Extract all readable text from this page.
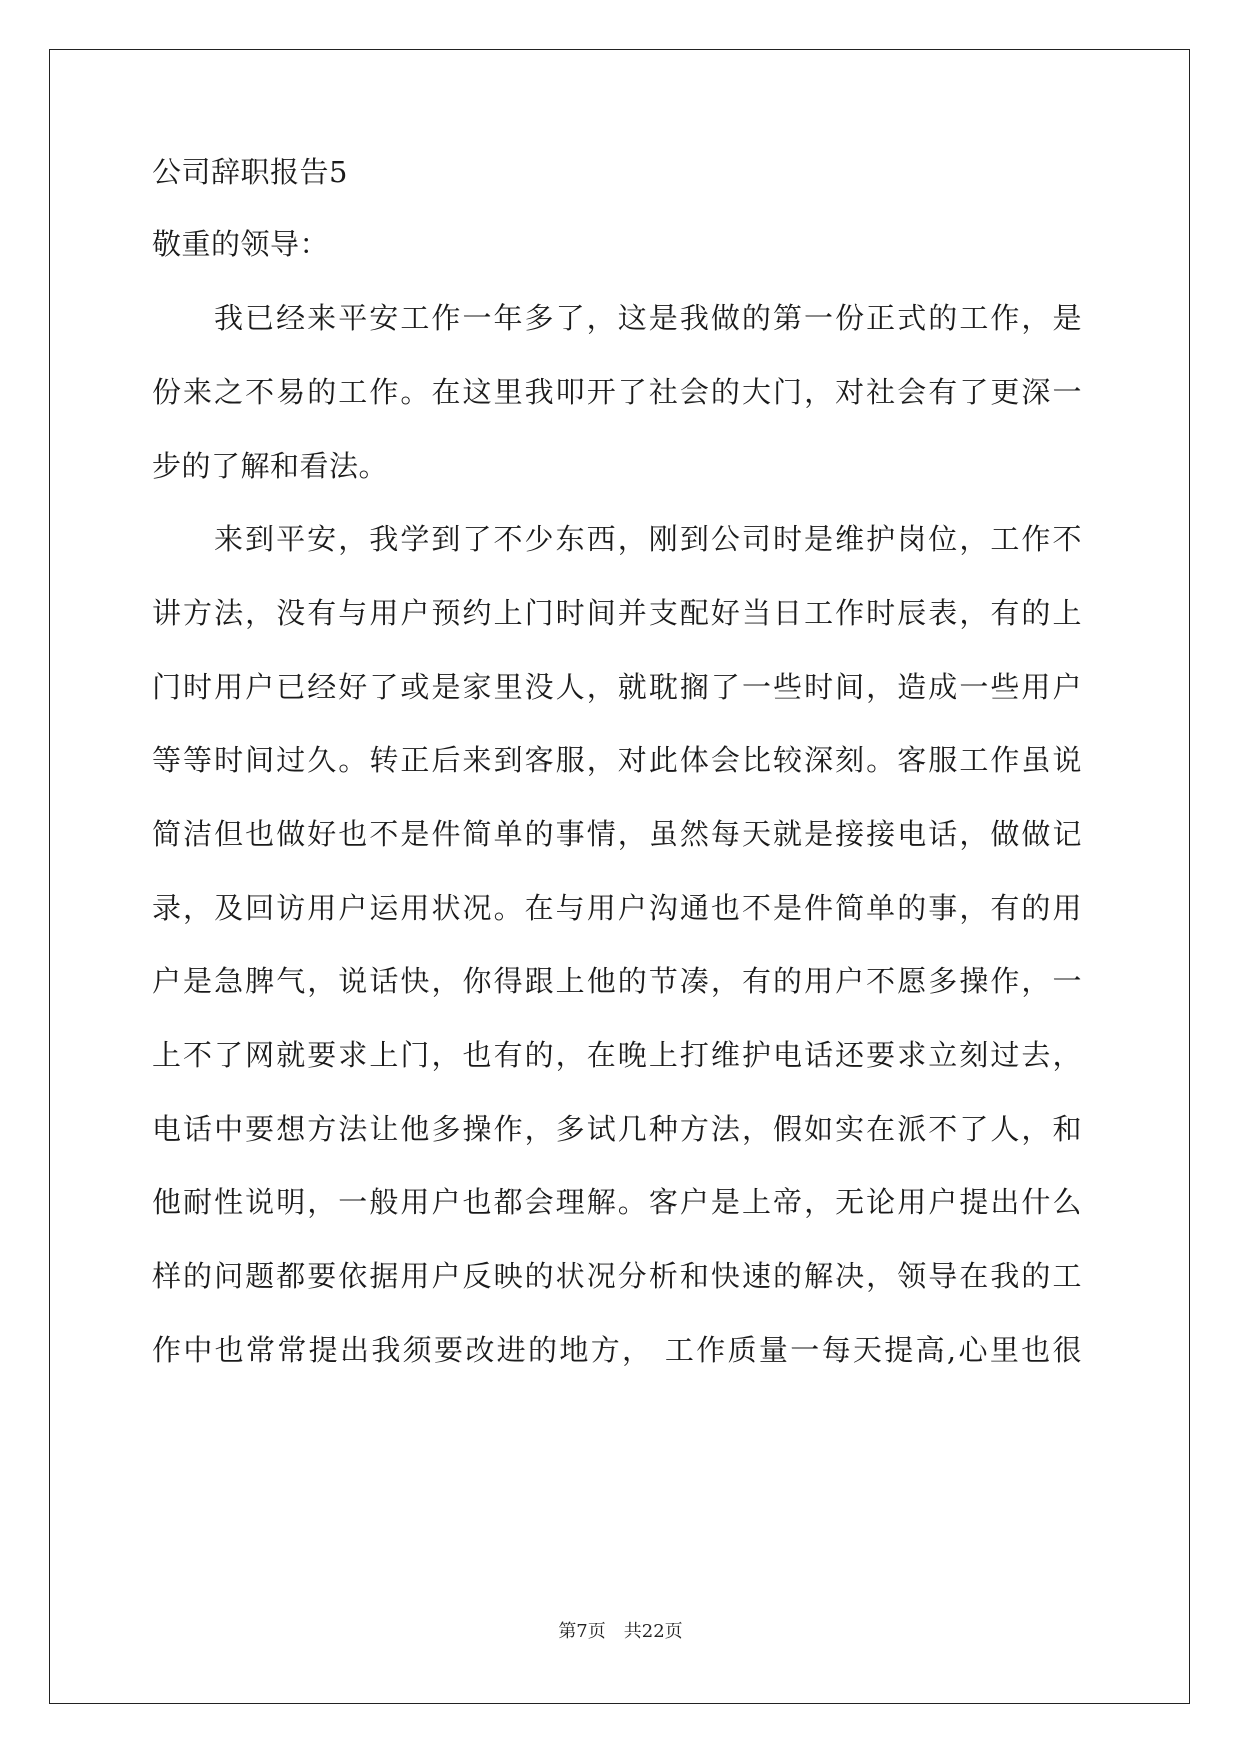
公司辞职报告5
敬重的领导：
我已经来平安工作一年多了，这是我做的第一份正式的工作，是
份来之不易的工作。在这里我叩开了社会的大门，对社会有了更深一
步的了解和看法。
来到平安，我学到了不少东西，刚到公司时是维护岗位，工作不
讲方法，没有与用户预约上门时间并支配好当日工作时辰表，有的上
门时用户已经好了或是家里没人，就耽搁了一些时间，造成一些用户
等等时间过久。转正后来到客服，对此体会比较深刻。客服工作虽说
简洁但也做好也不是件简单的事情，虽然每天就是接接电话，做做记
录，及回访用户运用状况。在与用户沟通也不是件简单的事，有的用
户是急脾气，说话快，你得跟上他的节凑，有的用户不愿多操作，一
上不了网就要求上门，也有的，在晚上打维护电话还要求立刻过去，
电话中要想方法让他多操作，多试几种方法，假如实在派不了人，和
他耐性说明，一般用户也都会理解。客户是上帝，无论用户提出什么
样的问题都要依据用户反映的状况分析和快速的解决，领导在我的工
作中也常常提出我须要改进的地方， 工作质量一每天提高,心里也很
第7页 共22页
